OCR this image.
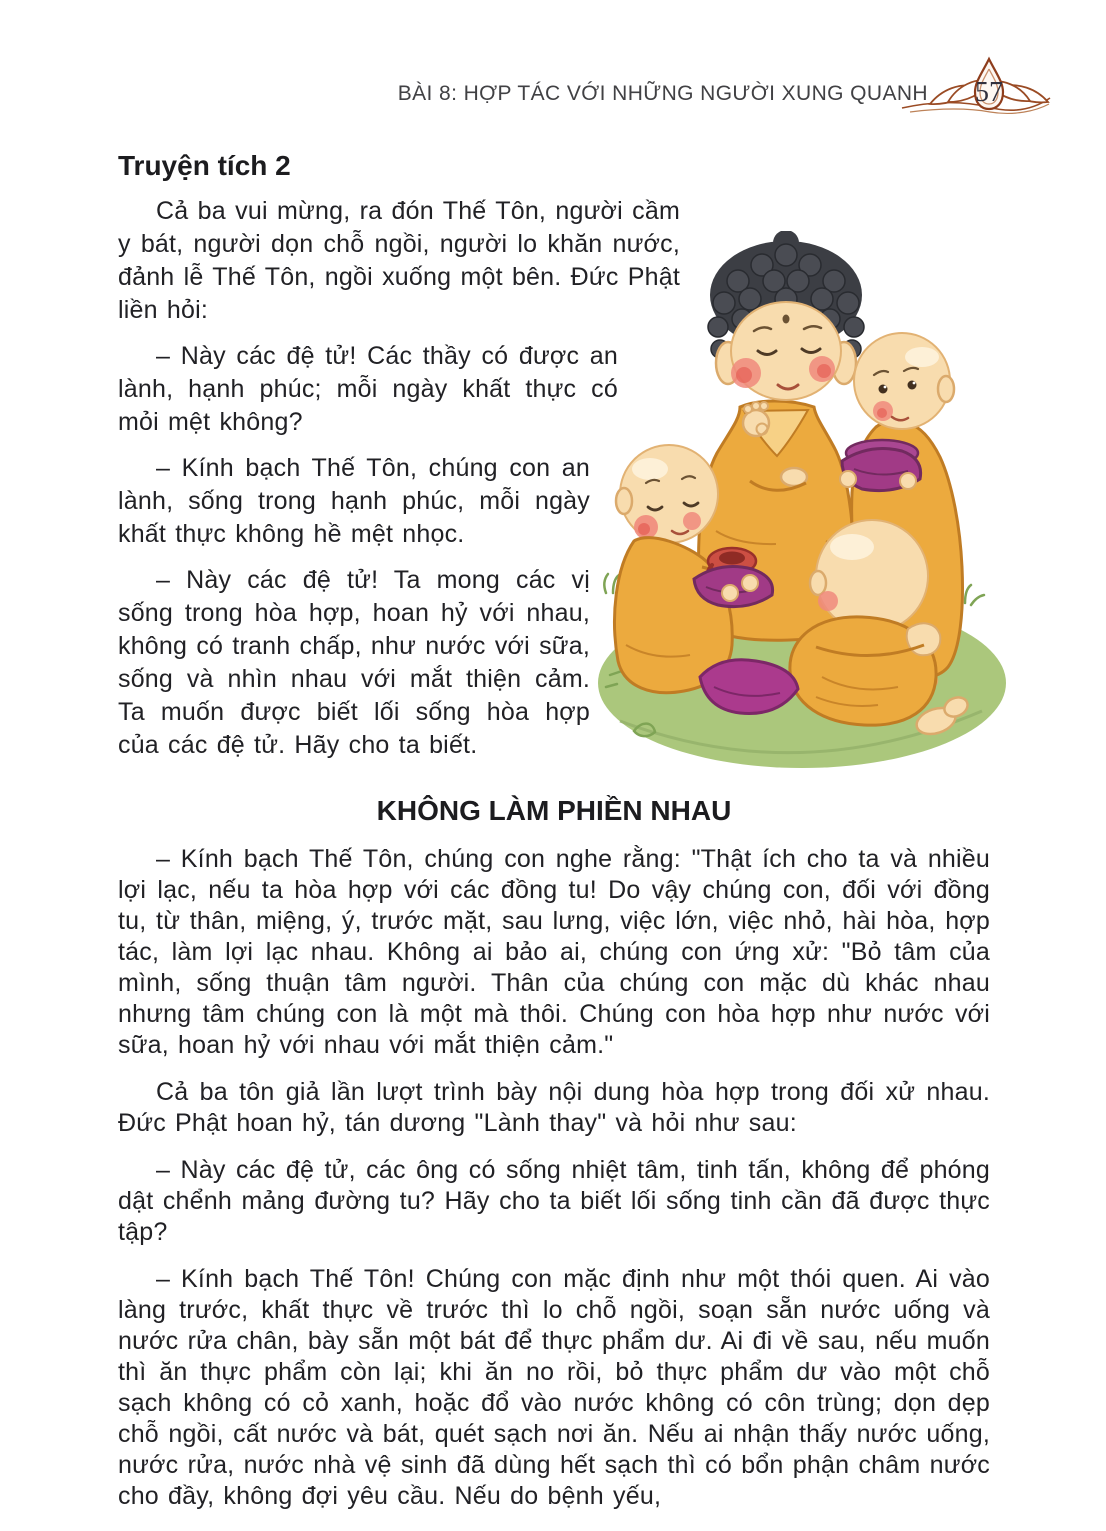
BÀI 8: HỢP TÁC VỚI NHỮNG NGƯỜI XUNG QUANH 57
Truyện tích 2

Cả ba vui mừng, ra đón Thế Tôn, người cầm y bát, người dọn chỗ ngồi, người lo khăn nước, đảnh lễ Thế Tôn, ngồi xuống một bên. Đức Phật liền hỏi:

– Này các đệ tử! Các thầy có được an lành, hạnh phúc; mỗi ngày khất thực có mỏi mệt không?

– Kính bạch Thế Tôn, chúng con an lành, sống trong hạnh phúc, mỗi ngày khất thực không hề mệt nhọc.

– Này các đệ tử! Ta mong các vị sống trong hòa hợp, hoan hỷ với nhau, không có tranh chấp, như nước với sữa, sống và nhìn nhau với mắt thiện cảm. Ta muốn được biết lối sống hòa hợp của các đệ tử. Hãy cho ta biết.

KHÔNG LÀM PHIỀN NHAU

– Kính bạch Thế Tôn, chúng con nghe rằng: "Thật ích cho ta và nhiều lợi lạc, nếu ta hòa hợp với các đồng tu! Do vậy chúng con, đối với đồng tu, từ thân, miệng, ý, trước mặt, sau lưng, việc lớn, việc nhỏ, hài hòa, hợp tác, làm lợi lạc nhau. Không ai bảo ai, chúng con ứng xử: "Bỏ tâm của mình, sống thuận tâm người. Thân của chúng con mặc dù khác nhau nhưng tâm chúng con là một mà thôi. Chúng con hòa hợp như nước với sữa, hoan hỷ với nhau với mắt thiện cảm."

Cả ba tôn giả lần lượt trình bày nội dung hòa hợp trong đối xử nhau. Đức Phật hoan hỷ, tán dương "Lành thay" và hỏi như sau:

– Này các đệ tử, các ông có sống nhiệt tâm, tinh tấn, không để phóng dật chểnh mảng đường tu? Hãy cho ta biết lối sống tinh cần đã được thực tập?

– Kính bạch Thế Tôn! Chúng con mặc định như một thói quen. Ai vào làng trước, khất thực về trước thì lo chỗ ngồi, soạn sẵn nước uống và nước rửa chân, bày sẵn một bát để thực phẩm dư. Ai đi về sau, nếu muốn thì ăn thực phẩm còn lại; khi ăn no rồi, bỏ thực phẩm dư vào một chỗ sạch không có cỏ xanh, hoặc đổ vào nước không có côn trùng; dọn dẹp chỗ ngồi, cất nước và bát, quét sạch nơi ăn. Nếu ai nhận thấy nước uống, nước rửa, nước nhà vệ sinh đã dùng hết sạch thì có bổn phận châm nước cho đầy, không đợi yêu cầu. Nếu do bệnh yếu,
